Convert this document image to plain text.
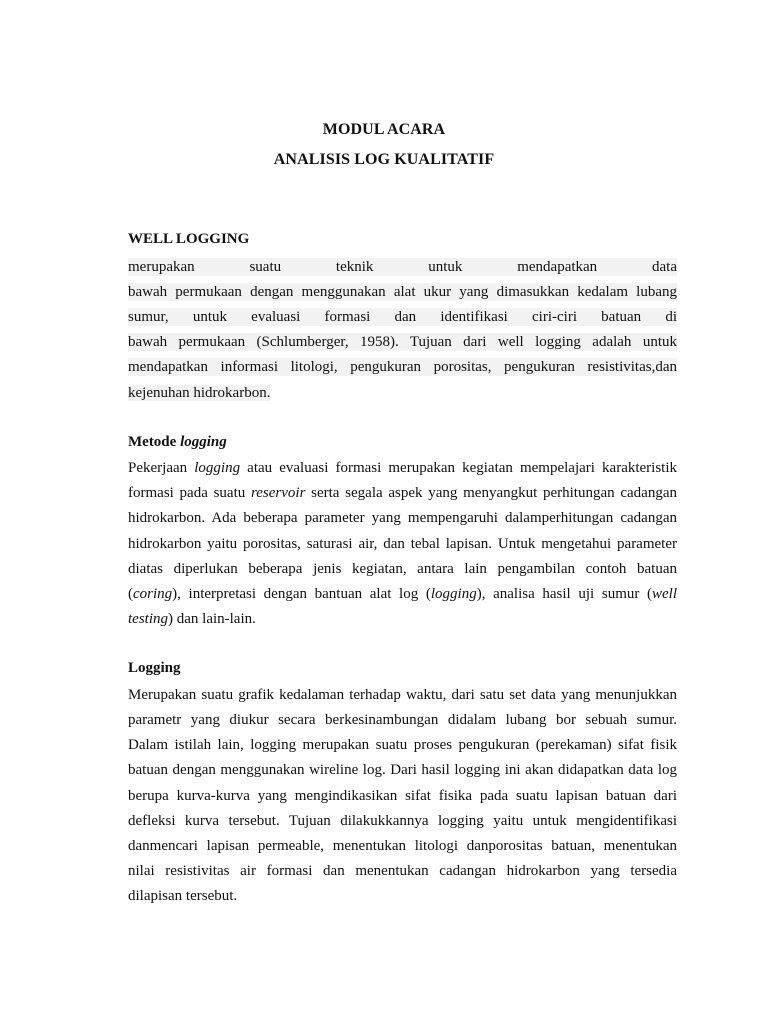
MODUL ACARA
ANALISIS LOG KUALITATIF
WELL LOGGING
merupakan suatu teknik untuk mendapatkan data
bawah permukaan dengan menggunakan alat ukur yang dimasukkan kedalam lubang
sumur, untuk evaluasi formasi dan identifikasi ciri-ciri batuan di
bawah permukaan (Schlumberger, 1958). Tujuan dari well logging adalah untuk
mendapatkan informasi litologi, pengukuran porositas, pengukuran resistivitas,dan
kejenuhan hidrokarbon.
Metode logging
Pekerjaan logging atau evaluasi formasi merupakan kegiatan mempelajari karakteristik
formasi pada suatu reservoir serta segala aspek yang menyangkut perhitungan cadangan
hidrokarbon. Ada beberapa parameter yang mempengaruhi dalamperhitungan cadangan
hidrokarbon yaitu porositas, saturasi air, dan tebal lapisan. Untuk mengetahui parameter
diatas diperlukan beberapa jenis kegiatan, antara lain pengambilan contoh batuan
(coring), interpretasi dengan bantuan alat log (logging), analisa hasil uji sumur (well
testing) dan lain-lain.
Logging
Merupakan suatu grafik kedalaman terhadap waktu, dari satu set data yang menunjukkan
parametr yang diukur secara berkesinambungan didalam lubang bor sebuah sumur.
Dalam istilah lain, logging merupakan suatu proses pengukuran (perekaman) sifat fisik
batuan dengan menggunakan wireline log. Dari hasil logging ini akan didapatkan data log
berupa kurva-kurva yang mengindikasikan sifat fisika pada suatu lapisan batuan dari
defleksi kurva tersebut. Tujuan dilakukkannya logging yaitu untuk mengidentifikasi
danmencari lapisan permeable, menentukan litologi danporositas batuan, menentukan
nilai resistivitas air formasi dan menentukan cadangan hidrokarbon yang tersedia
dilapisan tersebut.
